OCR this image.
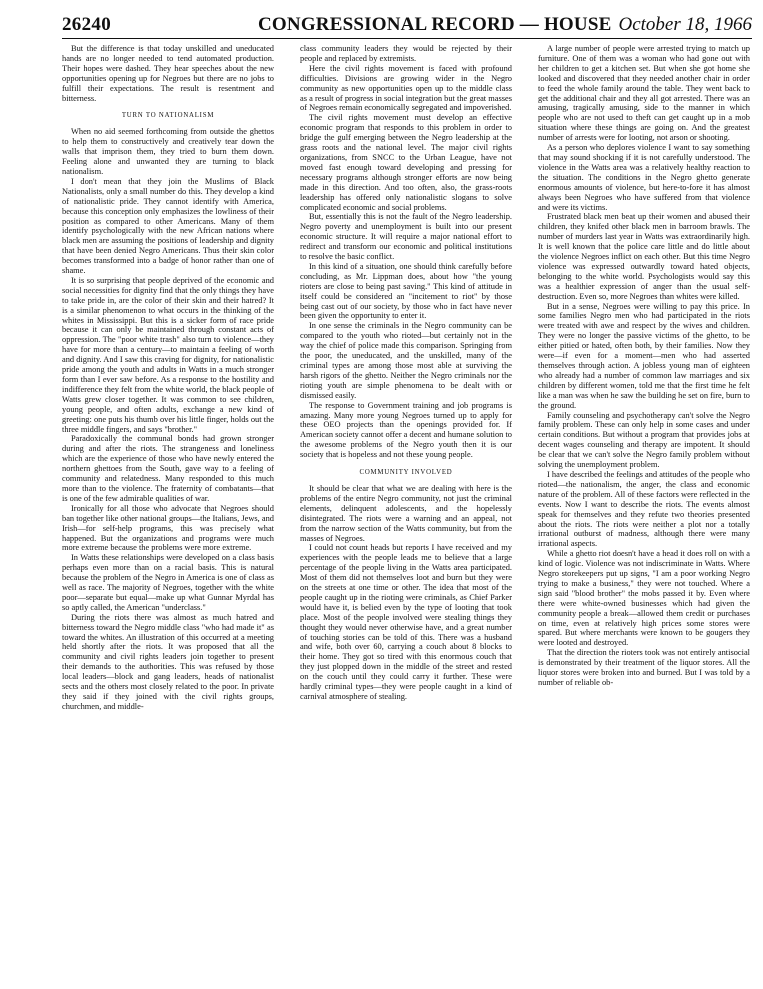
26240	CONGRESSIONAL RECORD — HOUSE October 18, 1966

But the difference is that today unskilled and uneducated hands are no longer needed to tend automated production. Their hopes were dashed. They hear speeches about the new opportunities opening up for Negroes but there are no jobs to fulfill their expectations. The result is resentment and bitterness.

TURN TO NATIONALISM

When no aid seemed forthcoming from outside the ghettos to help them to constructively and creatively tear down the walls that imprison them, they tried to burn them down. Feeling alone and unwanted they are turning to black nationalism.

I don't mean that they join the Muslims of Black Nationalists, only a small number do this. They develop a kind of nationalistic pride. They cannot identify with America, because this conception only emphasizes the lowliness of their position as compared to other Americans. Many of them identify psychologically with the new African nations where black men are assuming the positions of leadership and dignity that have been denied Negro Americans. Thus their skin color becomes transformed into a badge of honor rather than one of shame.

It is so surprising that people deprived of the economic and social necessities for dignity find that the only things they have to take pride in, are the color of their skin and their hatred? It is a similar phenomenon to what occurs in the thinking of the whites in Mississippi. But this is a sicker form of race pride because it can only be maintained through constant acts of oppression. The "poor white trash" also turn to violence—they have for more than a century—to maintain a feeling of worth and dignity. And I saw this craving for dignity, for nationalistic pride among the youth and adults in Watts in a much stronger form than I ever saw before. As a response to the hostility and indifference they felt from the white world, the black people of Watts grew closer together. It was common to see children, young people, and often adults, exchange a new kind of greeting: one puts his thumb over his little finger, holds out the three middle fingers, and says "brother."

Paradoxically the communal bonds had grown stronger during and after the riots. The strangeness and loneliness which are the experience of those who have newly entered the northern ghettoes from the South, gave way to a feeling of community and relatedness. Many responded to this much more than to the violence. The fraternity of combatants—that is one of the few admirable qualities of war.

Ironically for all those who advocate that Negroes should ban together like other national groups—the Italians, Jews, and Irish—for self-help programs, this was precisely what happened. But the organizations and programs were much more extreme because the problems were more extreme.

In Watts these relationships were developed on a class basis perhaps even more than on a racial basis. This is natural because the problem of the Negro in America is one of class as well as race. The majority of Negroes, together with the white poor—separate but equal—make up what Gunnar Myrdal has so aptly called, the American "underclass."

During the riots there was almost as much hatred and bitterness toward the Negro middle class "who had made it" as toward the whites. An illustration of this occurred at a meeting held shortly after the riots. It was proposed that all the community and civil rights leaders join together to present their demands to the authorities. This was refused by those local leaders—block and gang leaders, heads of nationalist sects and the others most closely related to the poor. In private they said if they joined with the civil rights groups, churchmen, and middle-

class community leaders they would be rejected by their people and replaced by extremists.

Here the civil rights movement is faced with profound difficulties. Divisions are growing wider in the Negro community as new opportunities open up to the middle class as a result of progress in social integration but the great masses of Negroes remain economically segregated and impoverished.

The civil rights movement must develop an effective economic program that responds to this problem in order to bridge the gulf emerging between the Negro leadership at the grass roots and the national level. The major civil rights organizations, from SNCC to the Urban League, have not moved fast enough toward developing and pressing for necessary programs although stronger efforts are now being made in this direction. And too often, also, the grass-roots leadership has offered only nationalistic slogans to solve complicated economic and social problems.

But, essentially this is not the fault of the Negro leadership. Negro poverty and unemployment is built into our present economic structure. It will require a major national effort to redirect and transform our economic and political institutions to resolve the basic conflict.

In this kind of a situation, one should think carefully before concluding, as Mr. Lippman does, about how "the young rioters are close to being past saving." This kind of attitude in itself could be considered an "incitement to riot" by those being cast out of our society, by those who in fact have never been given the opportunity to enter it.

In one sense the criminals in the Negro community can be compared to the youth who rioted—but certainly not in the way the chief of police made this comparison. Springing from the poor, the uneducated, and the unskilled, many of the criminal types are among those most able at surviving the harsh rigors of the ghetto. Neither the Negro criminals nor the rioting youth are simple phenomena to be dealt with or dismissed easily.

The response to Government training and job programs is amazing. Many more young Negroes turned up to apply for these OEO projects than the openings provided for. If American society cannot offer a decent and humane solution to the awesome problems of the Negro youth then it is our society that is hopeless and not these young people.

COMMUNITY INVOLVED

It should be clear that what we are dealing with here is the problems of the entire Negro community, not just the criminal elements, delinquent adolescents, and the hopelessly disintegrated. The riots were a warning and an appeal, not from the narrow section of the Watts community, but from the masses of Negroes.

I could not count heads but reports I have received and my experiences with the people leads me to believe that a large percentage of the people living in the Watts area participated. Most of them did not themselves loot and burn but they were on the streets at one time or other. The idea that most of the people caught up in the rioting were criminals, as Chief Parker would have it, is belied even by the type of looting that took place. Most of the people involved were stealing things they thought they would never otherwise have, and a great number of touching stories can be told of this. There was a husband and wife, both over 60, carrying a couch about 8 blocks to their home. They got so tired with this enormous couch that they just plopped down in the middle of the street and rested on the couch until they could carry it further. These were hardly criminal types—they were people caught in a kind of carnival atmosphere of stealing.

A large number of people were arrested trying to match up furniture. One of them was a woman who had gone out with her children to get a kitchen set. But when she got home she looked and discovered that they needed another chair in order to feed the whole family around the table. They went back to get the additional chair and they all got arrested. There was an amusing, tragically amusing, side to the manner in which people who are not used to theft can get caught up in a mob situation where these things are going on. And the greatest number of arrests were for looting, not arson or shooting.

As a person who deplores violence I want to say something that may sound shocking if it is not carefully understood. The violence in the Watts area was a relatively healthy reaction to the situation. The conditions in the Negro ghetto generate enormous amounts of violence, but here-to-fore it has almost always been Negroes who have suffered from that violence and were its victims.

Frustrated black men beat up their women and abused their children, they knifed other black men in barroom brawls. The number of murders last year in Watts was extraordinarily high. It is well known that the police care little and do little about the violence Negroes inflict on each other. But this time Negro violence was expressed outwardly toward hated objects, belonging to the white world. Psychologists would say this was a healthier expression of anger than the usual self-destruction. Even so, more Negroes than whites were killed.

But in a sense, Negroes were willing to pay this price. In some families Negro men who had participated in the riots were treated with awe and respect by the wives and children. They were no longer the passive victims of the ghetto, to be either pitied or hated, often both, by their families. Now they were—if even for a moment—men who had asserted themselves through action. A jobless young man of eighteen who already had a number of common law marriages and six children by different women, told me that the first time he felt like a man was when he saw the building he set on fire, burn to the ground.

Family counseling and psychotherapy can't solve the Negro family problem. These can only help in some cases and under certain conditions. But without a program that provides jobs at decent wages counseling and therapy are impotent. It should be clear that we can't solve the Negro family problem without solving the unemployment problem.

I have described the feelings and attitudes of the people who rioted—the nationalism, the anger, the class and economic nature of the problem. All of these factors were reflected in the events. Now I want to describe the riots. The events almost speak for themselves and they refute two theories presented about the riots. The riots were neither a plot nor a totally irrational outburst of madness, although there were many irrational aspects.

While a ghetto riot doesn't have a head it does roll on with a kind of logic. Violence was not indiscriminate in Watts. Where Negro storekeepers put up signs, "I am a poor working Negro trying to make a business," they were not touched. Where a sign said "blood brother" the mobs passed it by. Even where there were white-owned businesses which had given the community people a break—allowed them credit or purchases on time, even at relatively high prices some stores were spared. But where merchants were known to be gougers they were looted and destroyed.

That the direction the rioters took was not entirely antisocial is demonstrated by their treatment of the liquor stores. All the liquor stores were broken into and burned. But I was told by a number of reliable ob-
